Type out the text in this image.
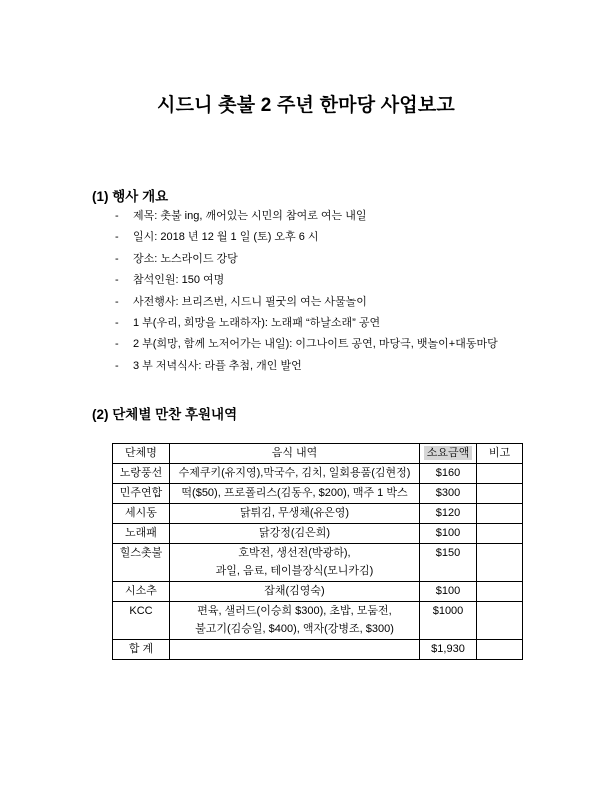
시드니 촛불 2 주년 한마당 사업보고
(1) 행사 개요
-	제목: 촛불 ing, 깨어있는 시민의 참여로 여는 내일
-	일시: 2018 년 12 월 1 일 (토) 오후 6 시
-	장소: 노스라이드 강당
-	참석인원: 150 여명
-	사전행사: 브리즈번, 시드니 필굿의 여는 사물놀이
-	1 부(우리, 희망을 노래하자): 노래패 “하날소래” 공연
-	2 부(희망, 함께 노저어가는 내일): 이그나이트 공연, 마당극, 뱃놀이+대동마당
-	3 부 저녁식사: 라플 추첨, 개인 발언
(2) 단체별 만찬 후원내역
단체명	음식 내역	소요금액	비고
노랑풍선	수제쿠키(유지영),막국수, 김치, 일회용품(김현정)	$160	
민주연합	떡($50), 프로폴리스(김동우, $200), 맥주 1 박스	$300	
세시동	닭튀김, 무생채(유은영)	$120	
노래패	닭강정(김은희)	$100	
힐스촛불	호박전, 생선전(박광하),
과일, 음료, 테이블장식(모니카김)	$150	
시소추	잡채(김영숙)	$100	
KCC	편육, 샐러드(이승희 $300), 초밥, 모둠전,
불고기(김승일, $400), 액자(강병조, $300)	$1000	
합 계		$1,930	
